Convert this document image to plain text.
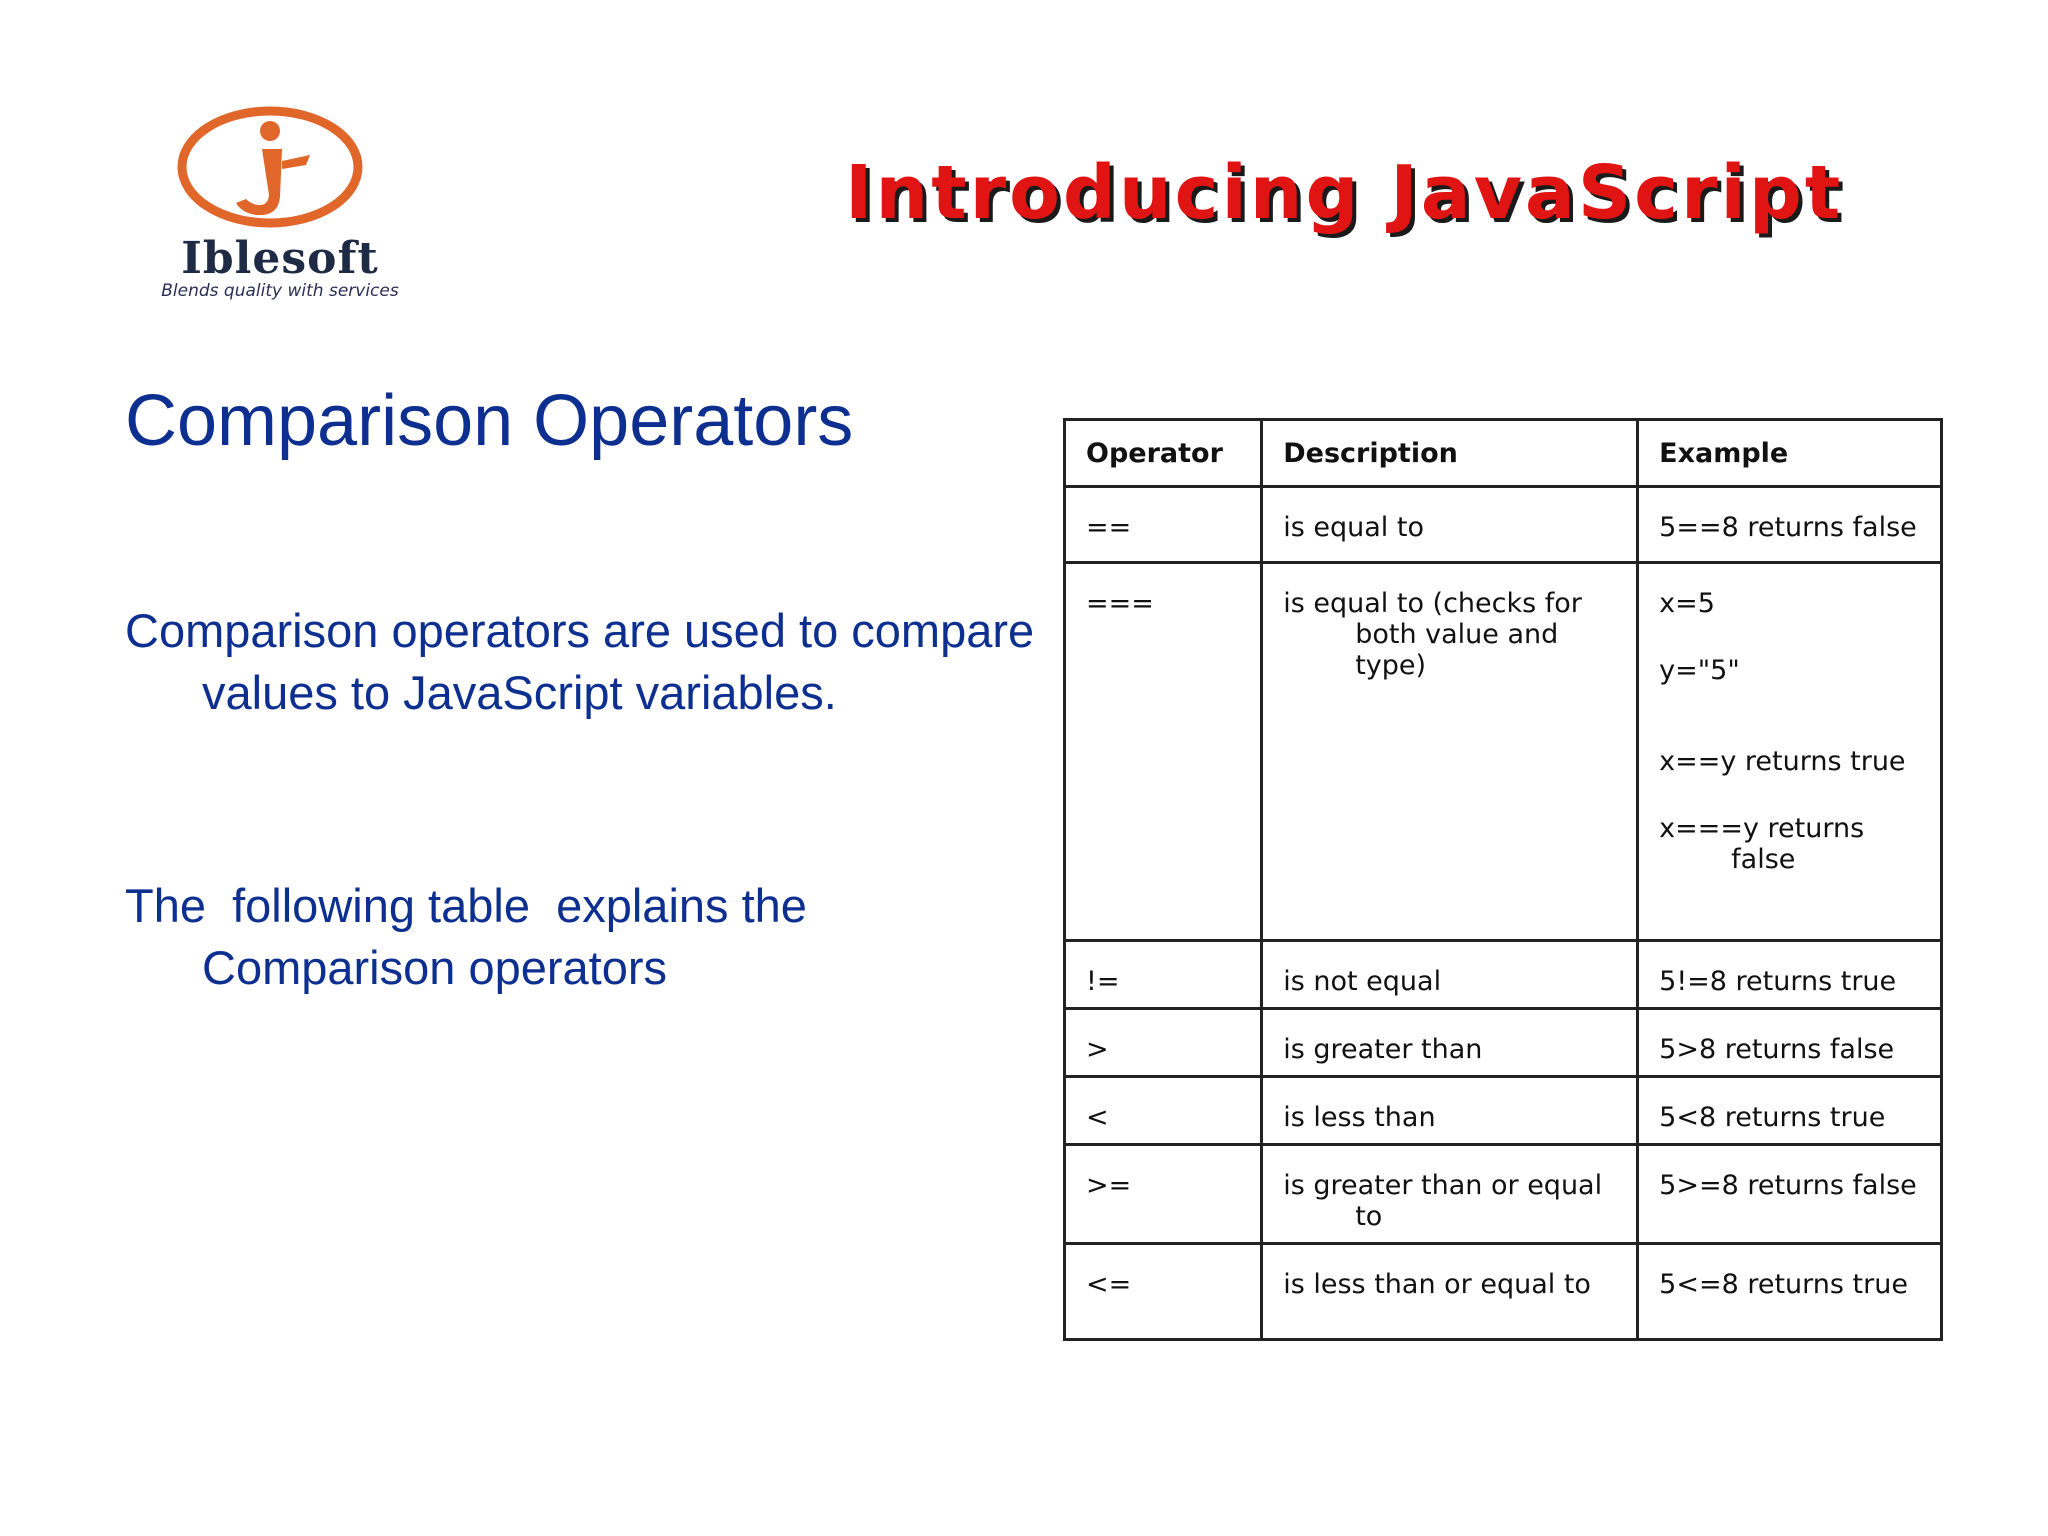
Iblesoft

Blends quality with services

Introducing JavaScript
Comparison Operators

Comparison operators are used to compare values to JavaScript variables.

The  following table  explains the Comparison operators

Operator	Description	Example
==	is equal to	5==8 returns false

===	is equal to (checks for both value and type)	x=5
y="5"
x==y returns true
x===y returns false

!=	is not equal	5!=8 returns true

>	is greater than	5>8 returns false

<	is less than	5<8 returns true

>=	is greater than or equal to	5>=8 returns false

<=	is less than or equal to	5<=8 returns true
